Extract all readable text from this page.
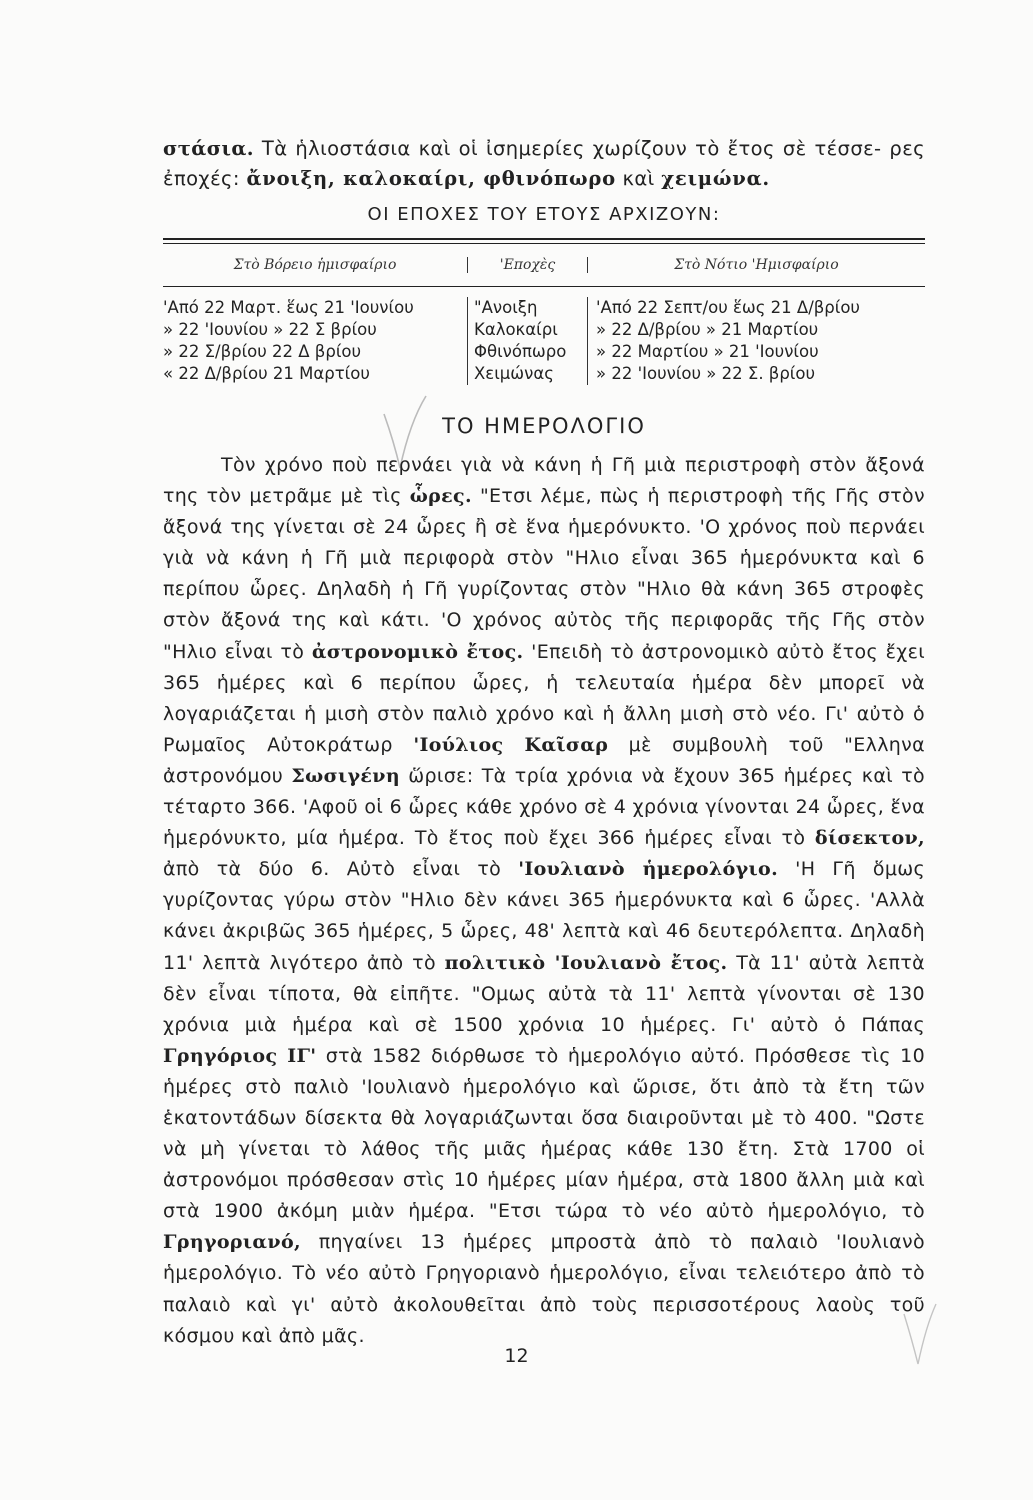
στάσια. Τὰ ἡλιοστάσια καὶ οἱ ἰσημερίες χωρίζουν τὸ ἔτος σὲ τέσσε- ρες ἐποχές: ἄνοιξη, καλοκαίρι, φθινόπωρο καὶ χειμώνα.
ΟΙ ΕΠΟΧΕΣ ΤΟΥ ΕΤΟΥΣ ΑΡΧΙΖΟΥΝ:
Στὸ Βόρειο ἡμισφαίριο	'Εποχὲς	Στὸ Νότιο 'Ημισφαίριο
'Από 22 Μαρτ. ἕως 21 'Ιουνίου	"Ανοιξη	'Από 22 Σεπτ/ου ἕως 21 Δ/βρίου
» 22 'Ιουνίου » 22 Σ βρίου	Καλοκαίρι	» 22 Δ/βρίου » 21 Μαρτίου
» 22 Σ/βρίου 22 Δ βρίου	Φθινόπωρο	» 22 Μαρτίου » 21 'Ιουνίου
« 22 Δ/βρίου 21 Μαρτίου	Χειμώνας	» 22 'Ιουνίου » 22 Σ. βρίου
ΤΟ ΗΜΕΡΟΛΟΓΙΟ

Τὸν χρόνο ποὺ περνάει γιὰ νὰ κάνη ἡ Γῆ μιὰ περιστροφὴ στὸν ἄξονά της τὸν μετρᾶμε μὲ τὶς ὧρες. "Ετσι λέμε, πὼς ἡ περιστροφὴ τῆς Γῆς στὸν ἄξονά της γίνεται σὲ 24 ὧρες ἢ σὲ ἕνα ἡμερόνυκτο. 'Ο χρόνος ποὺ περνάει γιὰ νὰ κάνη ἡ Γῆ μιὰ περιφορὰ στὸν "Ηλιο εἶναι 365 ἡμερόνυκτα καὶ 6 περίπου ὧρες. Δηλαδὴ ἡ Γῆ γυρίζοντας στὸν "Ηλιο θὰ κάνη 365 στροφὲς στὸν ἄξονά της καὶ κάτι. 'Ο χρόνος αὐτὸς τῆς περιφορᾶς τῆς Γῆς στὸν "Ηλιο εἶναι τὸ ἀστρονομικὸ ἔτος. 'Επειδὴ τὸ ἀστρονομικὸ αὐτὸ ἔτος ἔχει 365 ἡμέρες καὶ 6 περίπου ὧρες, ἡ τελευταία ἡμέρα δὲν μπορεῖ νὰ λογαριάζεται ἡ μισὴ στὸν παλιὸ χρόνο καὶ ἡ ἄλλη μισὴ στὸ νέο. Γι' αὐτὸ ὁ Ρωμαῖος Αὐτοκράτωρ 'Ιούλιος Καῖσαρ μὲ συμβουλὴ τοῦ "Ελληνα ἀστρονόμου Σωσιγένη ὥρισε: Τὰ τρία χρόνια νὰ ἔχουν 365 ἡμέρες καὶ τὸ τέταρτο 366. 'Αφοῦ οἱ 6 ὧρες κάθε χρόνο σὲ 4 χρόνια γίνονται 24 ὧρες, ἕνα ἡμερόνυκτο, μία ἡμέρα. Τὸ ἔτος ποὺ ἔχει 366 ἡμέρες εἶναι τὸ δίσεκτον, ἀπὸ τὰ δύο 6. Αὐτὸ εἶναι τὸ 'Ιουλιανὸ ἡμερολόγιο. 'Η Γῆ ὅμως γυρίζοντας γύρω στὸν "Ηλιο δὲν κάνει 365 ἡμερόνυκτα καὶ 6 ὧρες. 'Αλλὰ κάνει ἀκριβῶς 365 ἡμέρες, 5 ὧρες, 48' λεπτὰ καὶ 46 δευτερόλεπτα. Δηλαδὴ 11' λεπτὰ λιγότερο ἀπὸ τὸ πολιτικὸ 'Ιουλιανὸ ἔτος. Τὰ 11' αὐτὰ λεπτὰ δὲν εἶναι τίποτα, θὰ εἰπῆτε. "Ομως αὐτὰ τὰ 11' λεπτὰ γίνονται σὲ 130 χρόνια μιὰ ἡμέρα καὶ σὲ 1500 χρόνια 10 ἡμέρες. Γι' αὐτὸ ὁ Πάπας Γρηγόριος ΙΓ' στὰ 1582 διόρθωσε τὸ ἡμερολόγιο αὐτό. Πρόσθεσε τὶς 10 ἡμέρες στὸ παλιὸ 'Ιουλιανὸ ἡμερολόγιο καὶ ὥρισε, ὅτι ἀπὸ τὰ ἔτη τῶν ἑκατοντάδων δίσεκτα θὰ λογαριάζωνται ὅσα διαιροῦνται μὲ τὸ 400. "Ωστε νὰ μὴ γίνεται τὸ λάθος τῆς μιᾶς ἡμέρας κάθε 130 ἔτη. Στὰ 1700 οἱ ἀστρονόμοι πρόσθεσαν στὶς 10 ἡμέρες μίαν ἡμέρα, στὰ 1800 ἄλλη μιὰ καὶ στὰ 1900 ἀκόμη μιὰν ἡμέρα. "Ετσι τώρα τὸ νέο αὐτὸ ἡμερολόγιο, τὸ Γρηγοριανό, πηγαίνει 13 ἡμέρες μπροστὰ ἀπὸ τὸ παλαιὸ 'Ιουλιανὸ ἡμερολόγιο. Τὸ νέο αὐτὸ Γρηγοριανὸ ἡμερολόγιο, εἶναι τελειότερο ἀπὸ τὸ παλαιὸ καὶ γι' αὐτὸ ἀκολουθεῖται ἀπὸ τοὺς περισσοτέρους λαοὺς τοῦ κόσμου καὶ ἀπὸ μᾶς.

12
